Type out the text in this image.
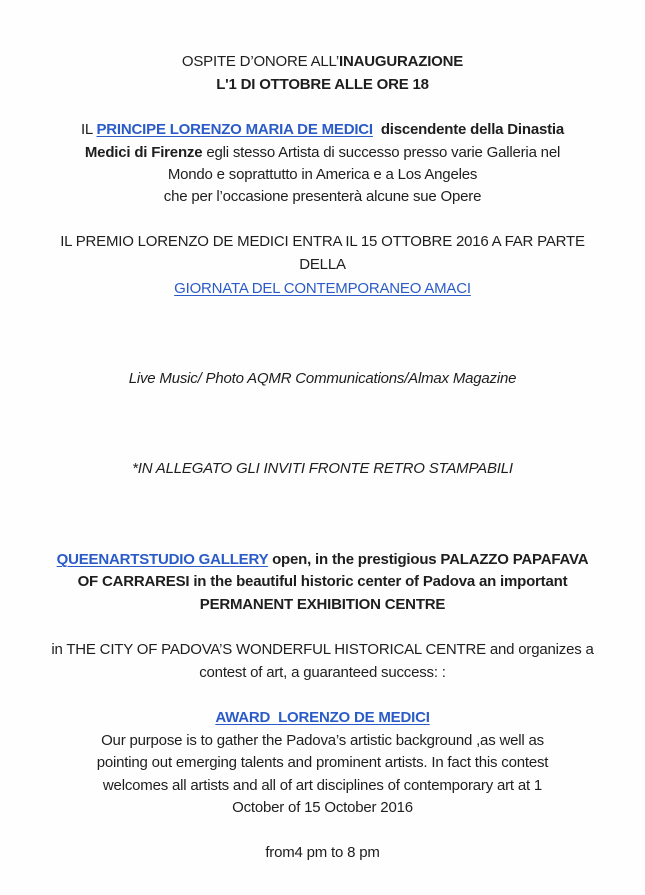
OSPITE D’ONORE ALL’INAUGURAZIONE
L'1 DI OTTOBRE ALLE ORE 18
IL PRINCIPE LORENZO MARIA DE MEDICI  discendente della Dinastia
Medici di Firenze egli stesso Artista di successo presso varie Galleria nel
Mondo e soprattutto in America e a Los Angeles
che per l’occasione presenterà alcune sue Opere
IL PREMIO LORENZO DE MEDICI ENTRA IL 15 OTTOBRE 2016 A FAR PARTE
DELLA
GIORNATA DEL CONTEMPORANEO AMACI
Live Music/ Photo AQMR Communications/Almax Magazine
*IN ALLEGATO GLI INVITI FRONTE RETRO STAMPABILI
QUEENARTSTUDIO GALLERY open, in the prestigious PALAZZO PAPAFAVA
OF CARRARESI in the beautiful historic center of Padova an important
PERMANENT EXHIBITION CENTRE
in THE CITY OF PADOVA’S WONDERFUL HISTORICAL CENTRE and organizes a
contest of art, a guaranteed success: :
AWARD  LORENZO DE MEDICI
Our purpose is to gather the Padova’s artistic background ,as well as
pointing out emerging talents and prominent artists. In fact this contest
welcomes all artists and all of art disciplines of contemporary art at 1
October of 15 October 2016
from4 pm to 8 pm
